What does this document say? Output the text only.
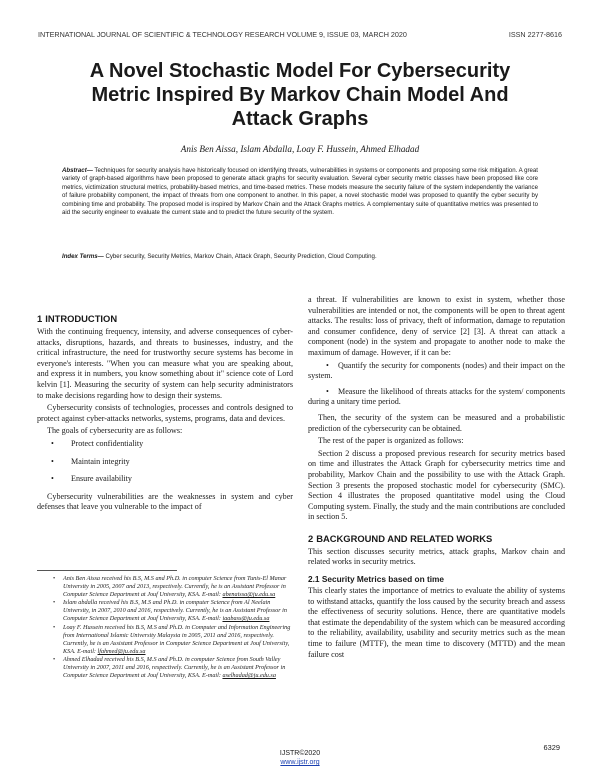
INTERNATIONAL JOURNAL OF SCIENTIFIC & TECHNOLOGY RESEARCH VOLUME 9, ISSUE 03, MARCH 2020	ISSN 2277-8616
A Novel Stochastic Model For Cybersecurity
Metric Inspired By Markov Chain Model And
Attack Graphs
Anis Ben Aissa, Islam Abdalla, Loay F. Hussein, Ahmed Elhadad

Abstract— Techniques for security analysis have historically focused on identifying threats, vulnerabilities in systems or components and proposing some risk mitigation. A great variety of graph-based algorithms have been proposed to generate attack graphs for security evaluation. Several cyber security metric classes have been proposed like core metrics, victimization structural metrics, probability-based metrics, and time-based metrics. These models measure the security failure of the system independently the variance of failure probability component, the impact of threats from one component to another. In this paper, a novel stochastic model was proposed to quantify the cyber security by combining time and probability. The proposed model is inspired by Markov Chain and the Attack Graphs metrics. A complementary suite of quantitative metrics was presented to aid the security engineer to evaluate the current state and to predict the future security of the system.

Index Terms— Cyber security, Security Metrics, Markov Chain, Attack Graph, Security Prediction, Cloud Computing.

1 INTRODUCTION

With the continuing frequency, intensity, and adverse consequences of cyber-attacks, disruptions, hazards, and threats to businesses, industry, and the critical infrastructure, the need for trustworthy secure systems has become in everyone's interests. "When you can measure what you are speaking about, and express it in numbers, you know something about it" science cote of Lord kelvin [1]. Measuring the security of system can help security administrators to make decisions regarding how to design their systems.

Cybersecurity consists of technologies, processes and controls designed to protect against cyber-attacks networks, systems, programs, data and devices.

The goals of cybersecurity are as follows:

• Protect confidentiality
• Maintain integrity
• Ensure availability

Cybersecurity vulnerabilities are the weaknesses in system and cyber defenses that leave you vulnerable to the impact of

• Anis Ben Aissa received his B.S, M.S and Ph.D. in computer Science from Tunis-El Manar University in 2005, 2007 and 2013, respectively. Currently, he is an Assistant Professor in Computer Science Department at Jouf University, KSA. E-mail: abenaissa@ju.edu.sa
• Islam abdalla received his B.S, M.S and Ph.D. in computer Science from Al Neelain University, in 2007, 2010 and 2016, respectively. Currently, he is an Assistant Professor in Computer Science Department at Jouf University, KSA. E-mail: iaabass@ju.edu.sa
• Loay F. Hussein received his B.S, M.S and Ph.D. in Computer and Information Engineering from International Islamic University Malaysia in 2005, 2011 and 2016, respectively. Currently, he is an Assistant Professor in Computer Science Department at Jouf University, KSA. E-mail: lfahmed@ju.edu.sa
• Ahmed Elhadad received his B.S, M.S and Ph.D. in computer Science from South Valley University in 2007, 2011 and 2016, respectively. Currently, he is an Assistant Professor in Computer Science Department at Jouf University, KSA. E-mail: aselhadad@ju.edu.sa

a threat. If vulnerabilities are known to exist in system, whether those vulnerabilities are intended or not, the components will be open to threat agent attacks. The results: loss of privacy, theft of information, damage to reputation and consumer confidence, deny of service [2] [3]. A threat can attack a component (node) in the system and propagate to another node to make the maximum of damage. However, if it can be:

• Quantify the security for components (nodes) and their impact on the system.
• Measure the likelihood of threats attacks for the system/ components during a unitary time period.

Then, the security of the system can be measured and a probabilistic prediction of the cybersecurity can be obtained.

The rest of the paper is organized as follows:

Section 2 discuss a proposed previous research for security metrics based on time and illustrates the Attack Graph for cybersecurity metrics time and probability, Markov Chain and the possibility to use with the Attack Graph. Section 3 presents the proposed stochastic model for cybersecurity (SMC). Section 4 illustrates the proposed quantitative model using the Cloud Computing system. Finally, the study and the main contributions are concluded in section 5.

2 BACKGROUND AND RELATED WORKS

This section discusses security metrics, attack graphs, Markov chain and related works in security metrics.

2.1 Security Metrics based on time

This clearly states the importance of metrics to evaluate the ability of systems to withstand attacks, quantify the loss caused by the security breach and assess the effectiveness of security solutions. Hence, there are quantitative models that estimate the dependability of the system which can be measured according to the reliability, availability, usability and security metrics such as the mean time to failure (MTTF), the mean time to discovery (MTTD) and the mean failure cost

6329
IJSTR©2020
www.ijstr.org
